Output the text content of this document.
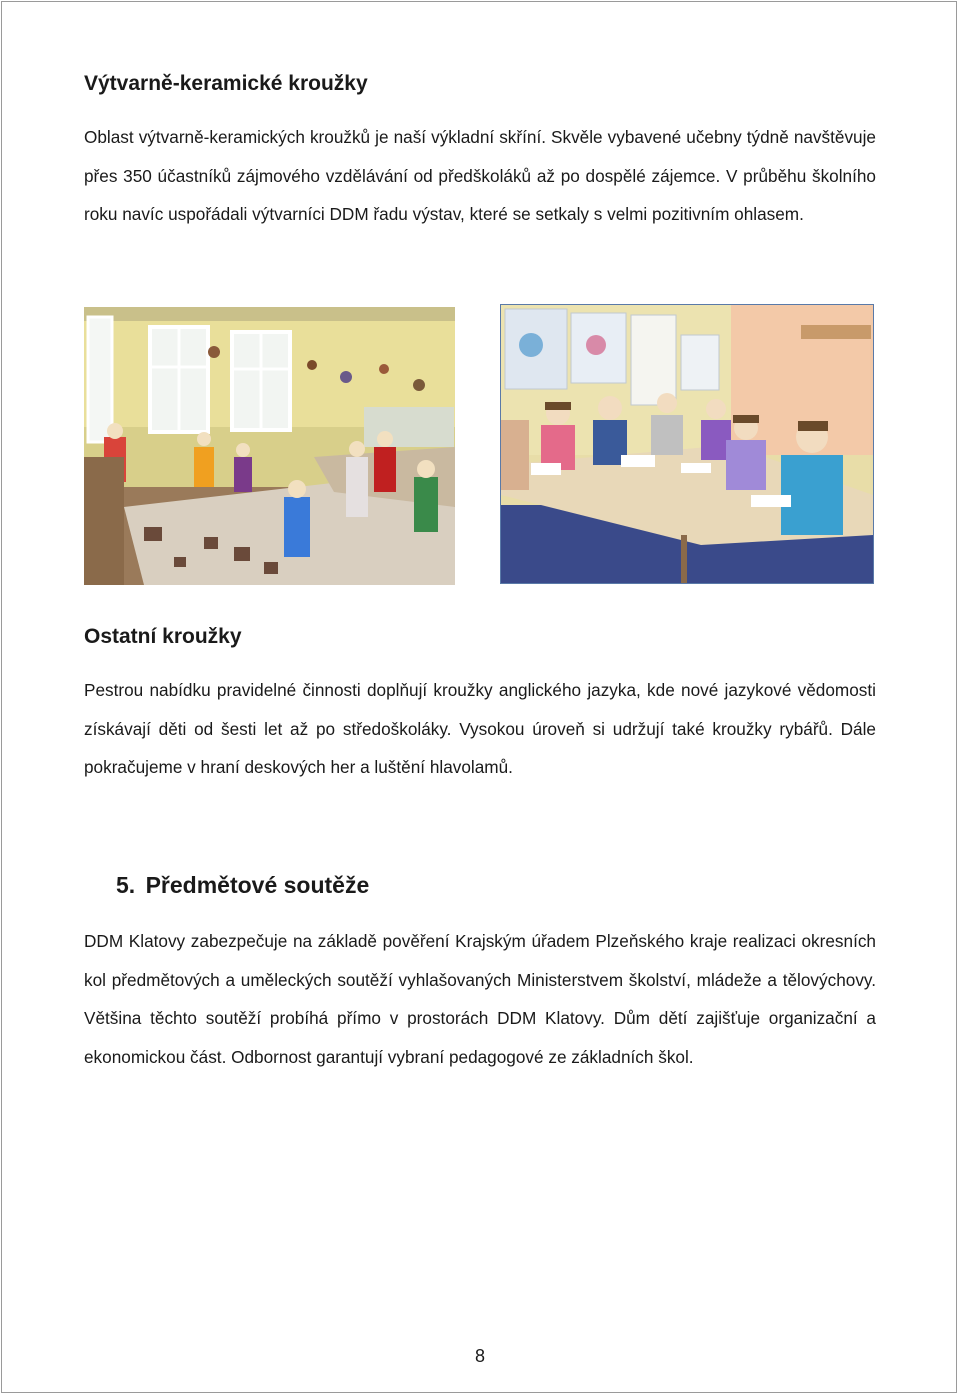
Výtvarně-keramické kroužky

Oblast výtvarně-keramických kroužků je naší výkladní skříní. Skvěle vybavené učebny týdně navštěvuje přes 350 účastníků zájmového vzdělávání od předškoláků až po dospělé zájemce. V průběhu školního roku navíc uspořádali výtvarníci DDM řadu výstav, které se setkaly s velmi pozitivním ohlasem.

Ostatní kroužky

Pestrou nabídku pravidelné činnosti doplňují kroužky anglického jazyka, kde nové jazykové vědomosti získávají děti od šesti let až po středoškoláky. Vysokou úroveň si udržují také kroužky rybářů. Dále pokračujeme v hraní deskových her a luštění hlavolamů.

5. Předmětové soutěže

DDM Klatovy zabezpečuje na základě pověření Krajským úřadem Plzeňského kraje realizaci okresních kol předmětových a uměleckých soutěží vyhlašovaných Ministerstvem školství, mládeže a tělovýchovy. Většina těchto soutěží probíhá přímo v prostorách DDM Klatovy. Dům dětí zajišťuje organizační a ekonomickou část. Odbornost garantují vybraní pedagogové ze základních škol.

8
